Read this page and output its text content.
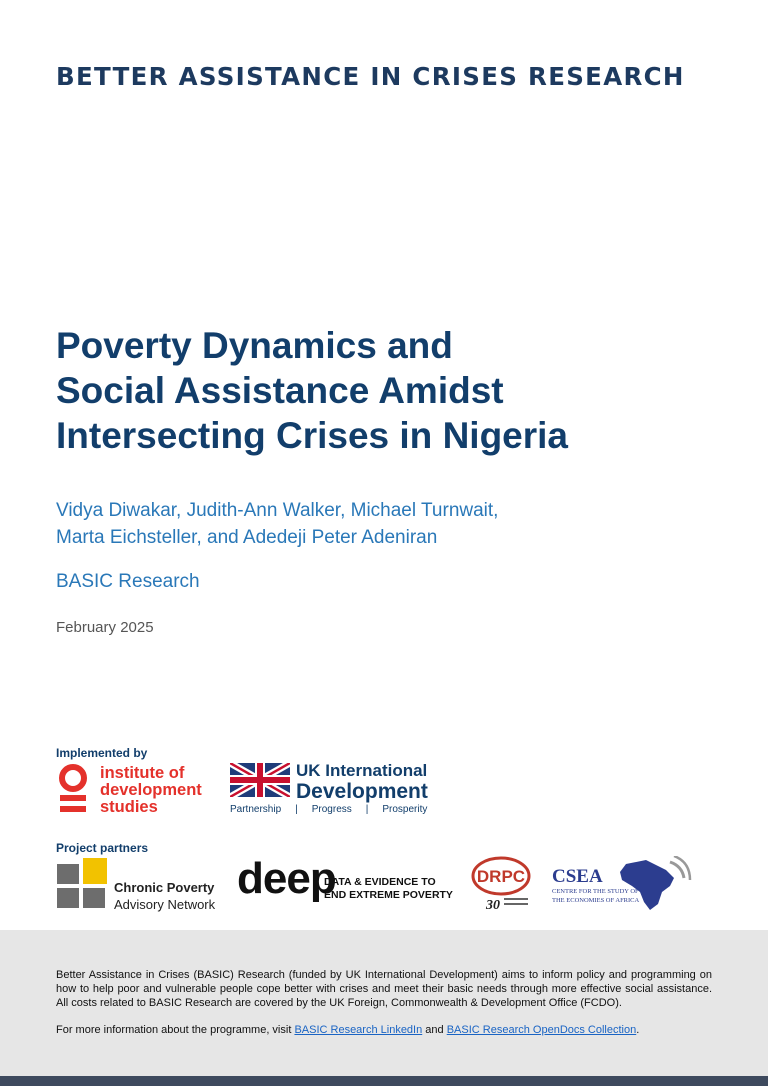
BETTER ASSISTANCE IN CRISES RESEARCH
Poverty Dynamics and
Social Assistance Amidst
Intersecting Crises in Nigeria
Vidya Diwakar, Judith-Ann Walker, Michael Turnwait,
Marta Eichsteller, and Adedeji Peter Adeniran
BASIC Research
February 2025
Implemented by
institute of
development
studies
UK International
Development
Partnership | Progress | Prosperity
Project partners
Chronic Poverty
Advisory Network
deep
DATA & EVIDENCE TO
END EXTREME POVERTY
DRPC
30
CSEA
CENTRE FOR THE STUDY OF
THE ECONOMIES OF AFRICA
Better Assistance in Crises (BASIC) Research (funded by UK International Development) aims to inform policy and programming on how to help poor and vulnerable people cope better with crises and meet their basic needs through more effective social assistance. All costs related to BASIC Research are covered by the UK Foreign, Commonwealth & Development Office (FCDO).
For more information about the programme, visit BASIC Research LinkedIn and BASIC Research OpenDocs Collection.
